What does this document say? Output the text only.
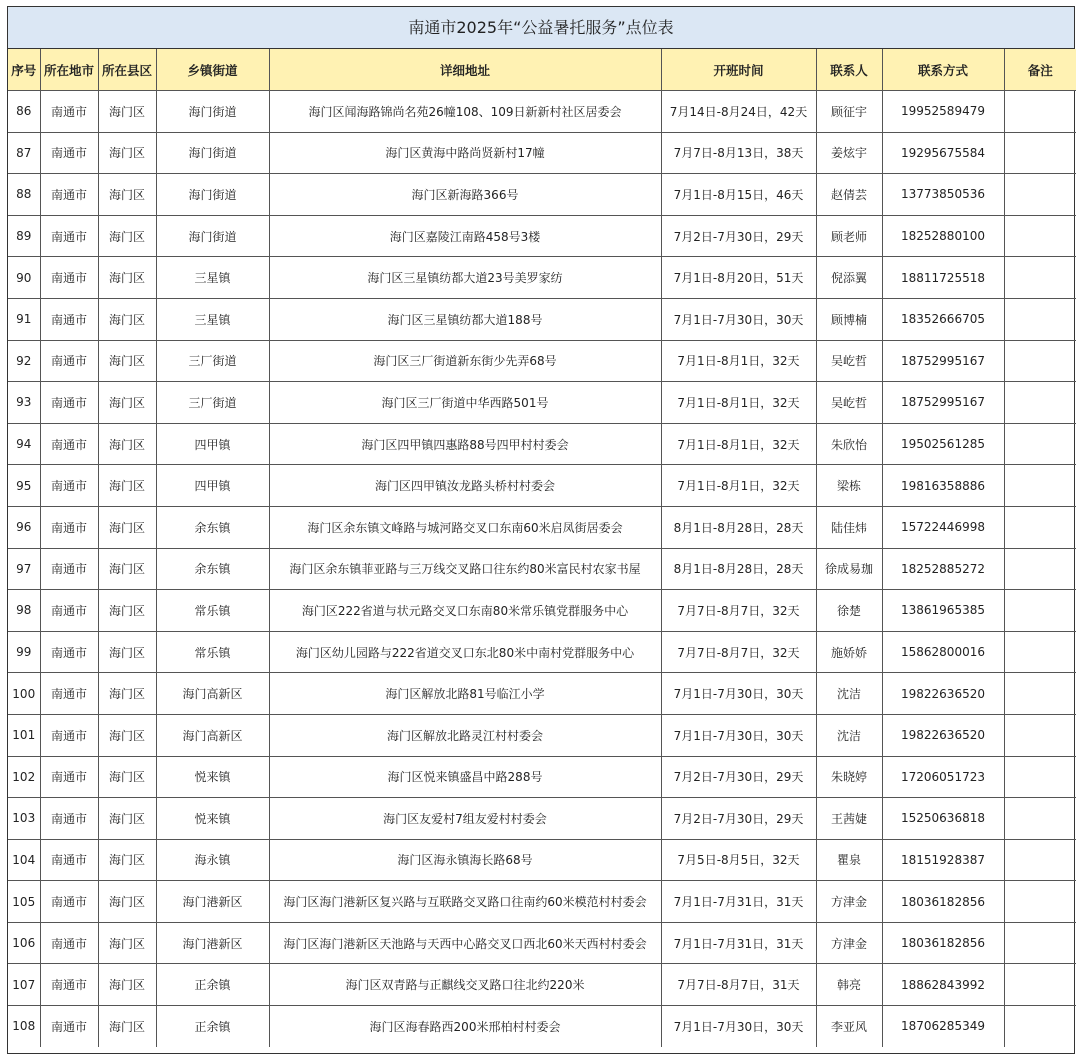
南通市2025年“公益暑托服务”点位表
序号	所在地市	所在县区	乡镇街道	详细地址	开班时间	联系人	联系方式	备注
86	南通市	海门区	海门街道	海门区闻海路锦尚名苑26幢108、109日新新村社区居委会	7月14日-8月24日，42天	顾征宇	19952589479	
87	南通市	海门区	海门街道	海门区黄海中路尚贤新村17幢	7月7日-8月13日，38天	姜炫宇	19295675584	
88	南通市	海门区	海门街道	海门区新海路366号	7月1日-8月15日，46天	赵倩芸	13773850536	
89	南通市	海门区	海门街道	海门区嘉陵江南路458号3楼	7月2日-7月30日，29天	顾老师	18252880100	
90	南通市	海门区	三星镇	海门区三星镇纺都大道23号美罗家纺	7月1日-8月20日，51天	倪添翼	18811725518	
91	南通市	海门区	三星镇	海门区三星镇纺都大道188号	7月1日-7月30日，30天	顾博楠	18352666705	
92	南通市	海门区	三厂街道	海门区三厂街道新东街少先弄68号	7月1日-8月1日，32天	吴屹哲	18752995167	
93	南通市	海门区	三厂街道	海门区三厂街道中华西路501号	7月1日-8月1日，32天	吴屹哲	18752995167	
94	南通市	海门区	四甲镇	海门区四甲镇四惠路88号四甲村村委会	7月1日-8月1日，32天	朱欣怡	19502561285	
95	南通市	海门区	四甲镇	海门区四甲镇汝龙路头桥村村委会	7月1日-8月1日，32天	梁栋	19816358886	
96	南通市	海门区	余东镇	海门区余东镇文峰路与城河路交叉口东南60米启凤街居委会	8月1日-8月28日，28天	陆佳炜	15722446998	
97	南通市	海门区	余东镇	海门区余东镇菲亚路与三万线交叉路口往东约80米富民村农家书屋	8月1日-8月28日，28天	徐成易珈	18252885272	
98	南通市	海门区	常乐镇	海门区222省道与状元路交叉口东南80米常乐镇党群服务中心	7月7日-8月7日，32天	徐楚	13861965385	
99	南通市	海门区	常乐镇	海门区幼儿园路与222省道交叉口东北80米中南村党群服务中心	7月7日-8月7日，32天	施娇娇	15862800016	
100	南通市	海门区	海门高新区	海门区解放北路81号临江小学	7月1日-7月30日，30天	沈洁	19822636520	
101	南通市	海门区	海门高新区	海门区解放北路灵江村村委会	7月1日-7月30日，30天	沈洁	19822636520	
102	南通市	海门区	悦来镇	海门区悦来镇盛昌中路288号	7月2日-7月30日，29天	朱晓婷	17206051723	
103	南通市	海门区	悦来镇	海门区友爱村7组友爱村村委会	7月2日-7月30日，29天	王茜婕	15250636818	
104	南通市	海门区	海永镇	海门区海永镇海长路68号	7月5日-8月5日，32天	瞿泉	18151928387	
105	南通市	海门区	海门港新区	海门区海门港新区复兴路与互联路交叉路口往南约60米模范村村委会	7月1日-7月31日，31天	方津金	18036182856	
106	南通市	海门区	海门港新区	海门区海门港新区天池路与天西中心路交叉口西北60米天西村村委会	7月1日-7月31日，31天	方津金	18036182856	
107	南通市	海门区	正余镇	海门区双青路与正麒线交叉路口往北约220米	7月7日-8月7日，31天	韩亮	18862843992	
108	南通市	海门区	正余镇	海门区海春路西200米邢柏村村委会	7月1日-7月30日，30天	李亚风	18706285349	
